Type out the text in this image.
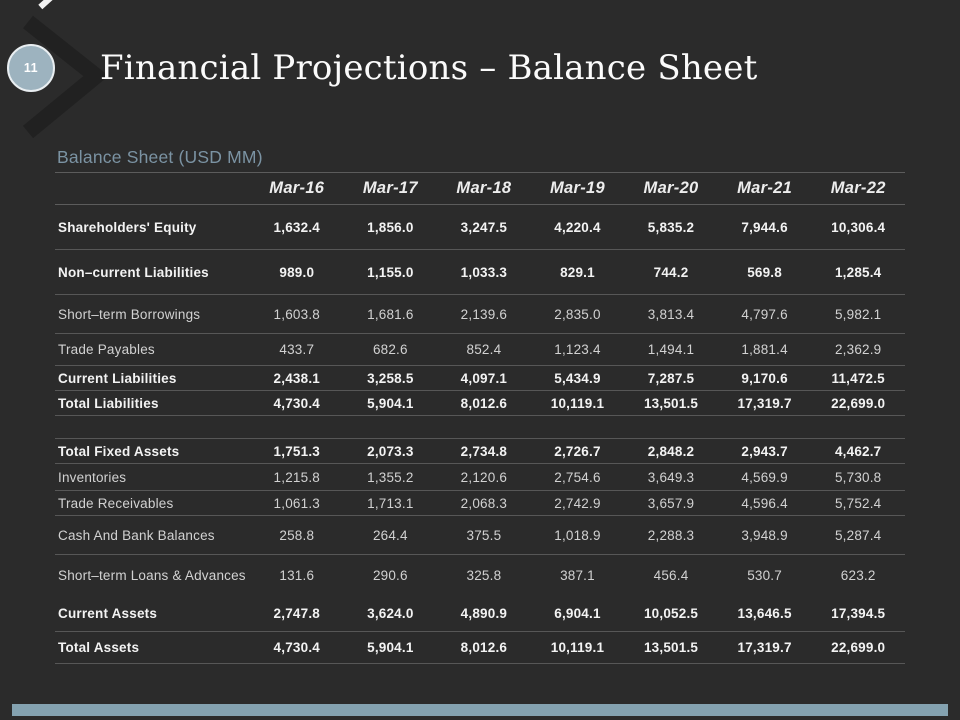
11 Financial Projections – Balance Sheet
Balance Sheet (USD MM)
	Mar-16	Mar-17	Mar-18	Mar-19	Mar-20	Mar-21	Mar-22
Shareholders' Equity	1,632.4	1,856.0	3,247.5	4,220.4	5,835.2	7,944.6	10,306.4
Non–current Liabilities	989.0	1,155.0	1,033.3	829.1	744.2	569.8	1,285.4
Short–term Borrowings	1,603.8	1,681.6	2,139.6	2,835.0	3,813.4	4,797.6	5,982.1
Trade Payables	433.7	682.6	852.4	1,123.4	1,494.1	1,881.4	2,362.9
Current Liabilities	2,438.1	3,258.5	4,097.1	5,434.9	7,287.5	9,170.6	11,472.5
Total Liabilities	4,730.4	5,904.1	8,012.6	10,119.1	13,501.5	17,319.7	22,699.0

Total Fixed Assets	1,751.3	2,073.3	2,734.8	2,726.7	2,848.2	2,943.7	4,462.7
Inventories	1,215.8	1,355.2	2,120.6	2,754.6	3,649.3	4,569.9	5,730.8
Trade Receivables	1,061.3	1,713.1	2,068.3	2,742.9	3,657.9	4,596.4	5,752.4
Cash And Bank Balances	258.8	264.4	375.5	1,018.9	2,288.3	3,948.9	5,287.4
Short–term Loans & Advances	131.6	290.6	325.8	387.1	456.4	530.7	623.2
Current Assets	2,747.8	3,624.0	4,890.9	6,904.1	10,052.5	13,646.5	17,394.5
Total Assets	4,730.4	5,904.1	8,012.6	10,119.1	13,501.5	17,319.7	22,699.0
